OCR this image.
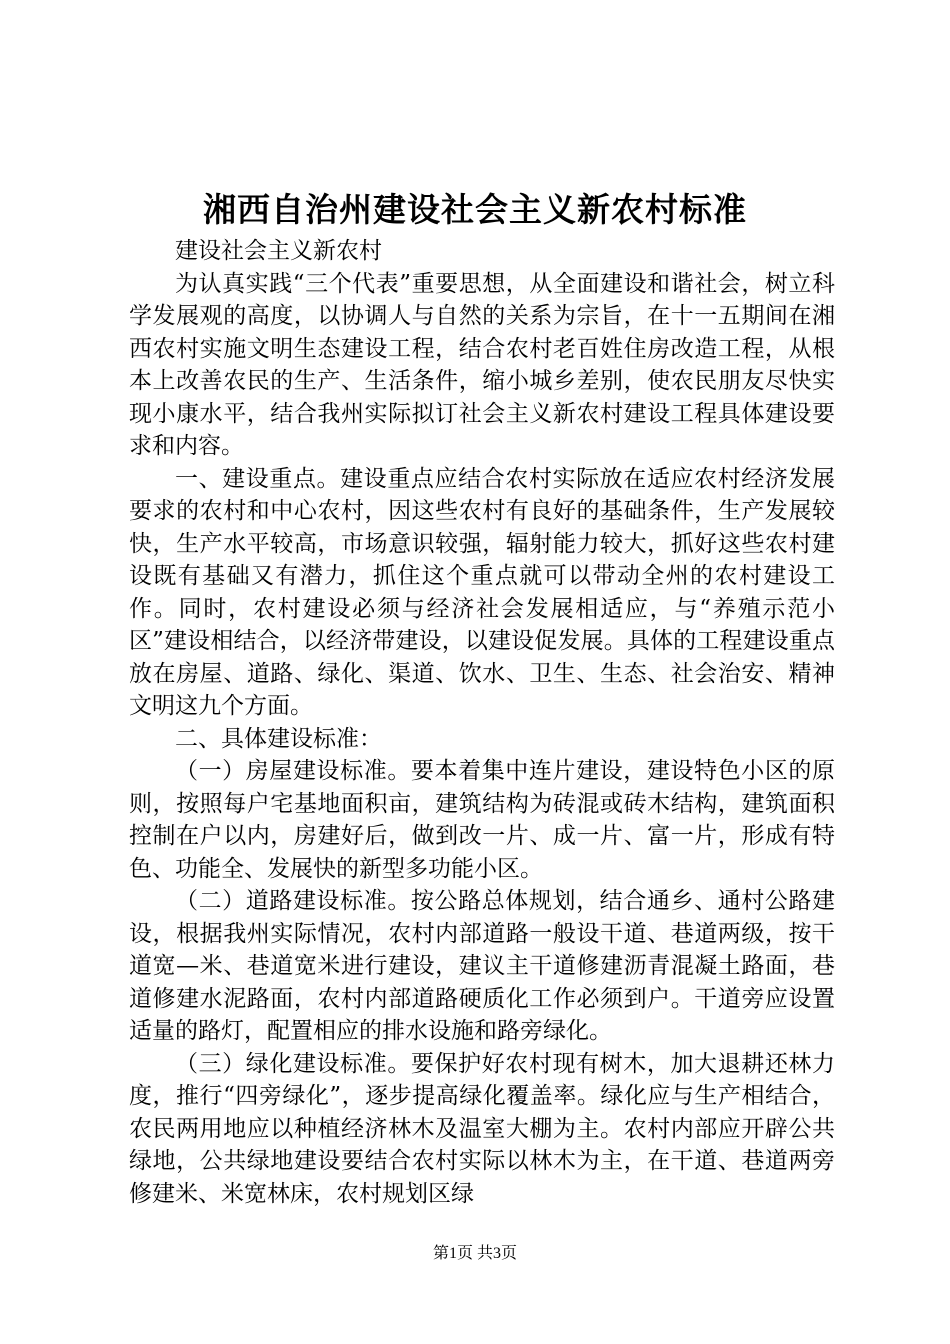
湘西自治州建设社会主义新农村标准

建设社会主义新农村

为认真实践“三个代表”重要思想，从全面建设和谐社会，树立科学发展观的高度，以协调人与自然的关系为宗旨，在十一五期间在湘西农村实施文明生态建设工程，结合农村老百姓住房改造工程，从根本上改善农民的生产、生活条件，缩小城乡差别，使农民朋友尽快实现小康水平，结合我州实际拟订社会主义新农村建设工程具体建设要求和内容。

一、建设重点。建设重点应结合农村实际放在适应农村经济发展要求的农村和中心农村，因这些农村有良好的基础条件，生产发展较快，生产水平较高，市场意识较强，辐射能力较大，抓好这些农村建设既有基础又有潜力，抓住这个重点就可以带动全州的农村建设工作。同时，农村建设必须与经济社会发展相适应，与“养殖示范小区”建设相结合，以经济带建设，以建设促发展。具体的工程建设重点放在房屋、道路、绿化、渠道、饮水、卫生、生态、社会治安、精神文明这九个方面。

二、具体建设标准：

（一）房屋建设标准。要本着集中连片建设，建设特色小区的原则，按照每户宅基地面积亩，建筑结构为砖混或砖木结构，建筑面积控制在户以内，房建好后，做到改一片、成一片、富一片，形成有特色、功能全、发展快的新型多功能小区。

（二）道路建设标准。按公路总体规划，结合通乡、通村公路建设，根据我州实际情况，农村内部道路一般设干道、巷道两级，按干道宽—米、巷道宽米进行建设，建议主干道修建沥青混凝土路面，巷道修建水泥路面，农村内部道路硬质化工作必须到户。干道旁应设置适量的路灯，配置相应的排水设施和路旁绿化。

（三）绿化建设标准。要保护好农村现有树木，加大退耕还林力度，推行“四旁绿化”，逐步提高绿化覆盖率。绿化应与生产相结合，农民两用地应以种植经济林木及温室大棚为主。农村内部应开辟公共绿地，公共绿地建设要结合农村实际以林木为主，在干道、巷道两旁修建米、米宽林床，农村规划区绿

第1页 共3页
